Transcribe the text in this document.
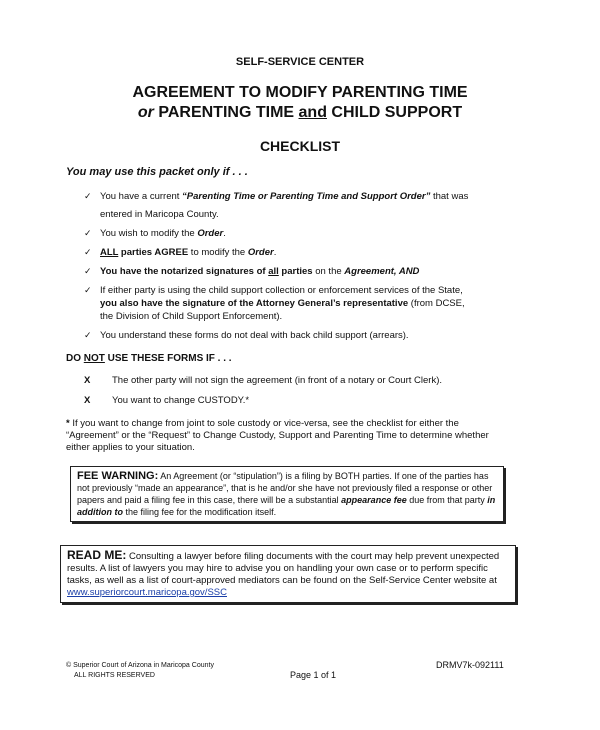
SELF-SERVICE CENTER
AGREEMENT TO MODIFY PARENTING TIME
or PARENTING TIME and CHILD SUPPORT
CHECKLIST
You may use this packet only if . . .
✓ You have a current “Parenting Time or Parenting Time and Support Order” that was
entered in Maricopa County.
✓ You wish to modify the Order.
✓ ALL parties AGREE to modify the Order.
✓ You have the notarized signatures of all parties on the Agreement, AND
✓ If either party is using the child support collection or enforcement services of the State,
you also have the signature of the Attorney General’s representative (from DCSE,
the Division of Child Support Enforcement).
✓ You understand these forms do not deal with back child support (arrears).
DO NOT USE THESE FORMS IF . . .
X	The other party will not sign the agreement (in front of a notary or Court Clerk).
X	You want to change CUSTODY.*
* If you want to change from joint to sole custody or vice-versa, see the checklist for either the “Agreement” or the “Request” to Change Custody, Support and Parenting Time to determine whether either applies to your situation.
FEE WARNING: An Agreement (or “stipulation”) is a filing by BOTH parties. If one of the parties has not previously “made an appearance”, that is he and/or she have not previously filed a response or other papers and paid a filing fee in this case, there will be a substantial appearance fee due from that party in addition to the filing fee for the modification itself.
READ ME: Consulting a lawyer before filing documents with the court may help prevent unexpected results. A list of lawyers you may hire to advise you on handling your own case or to perform specific tasks, as well as a list of court-approved mediators can be found on the Self-Service Center website at www.superiorcourt.maricopa.gov/SSC
© Superior Court of Arizona in Maricopa County
ALL RIGHTS RESERVED	Page 1 of 1
DRMV7k-092111
